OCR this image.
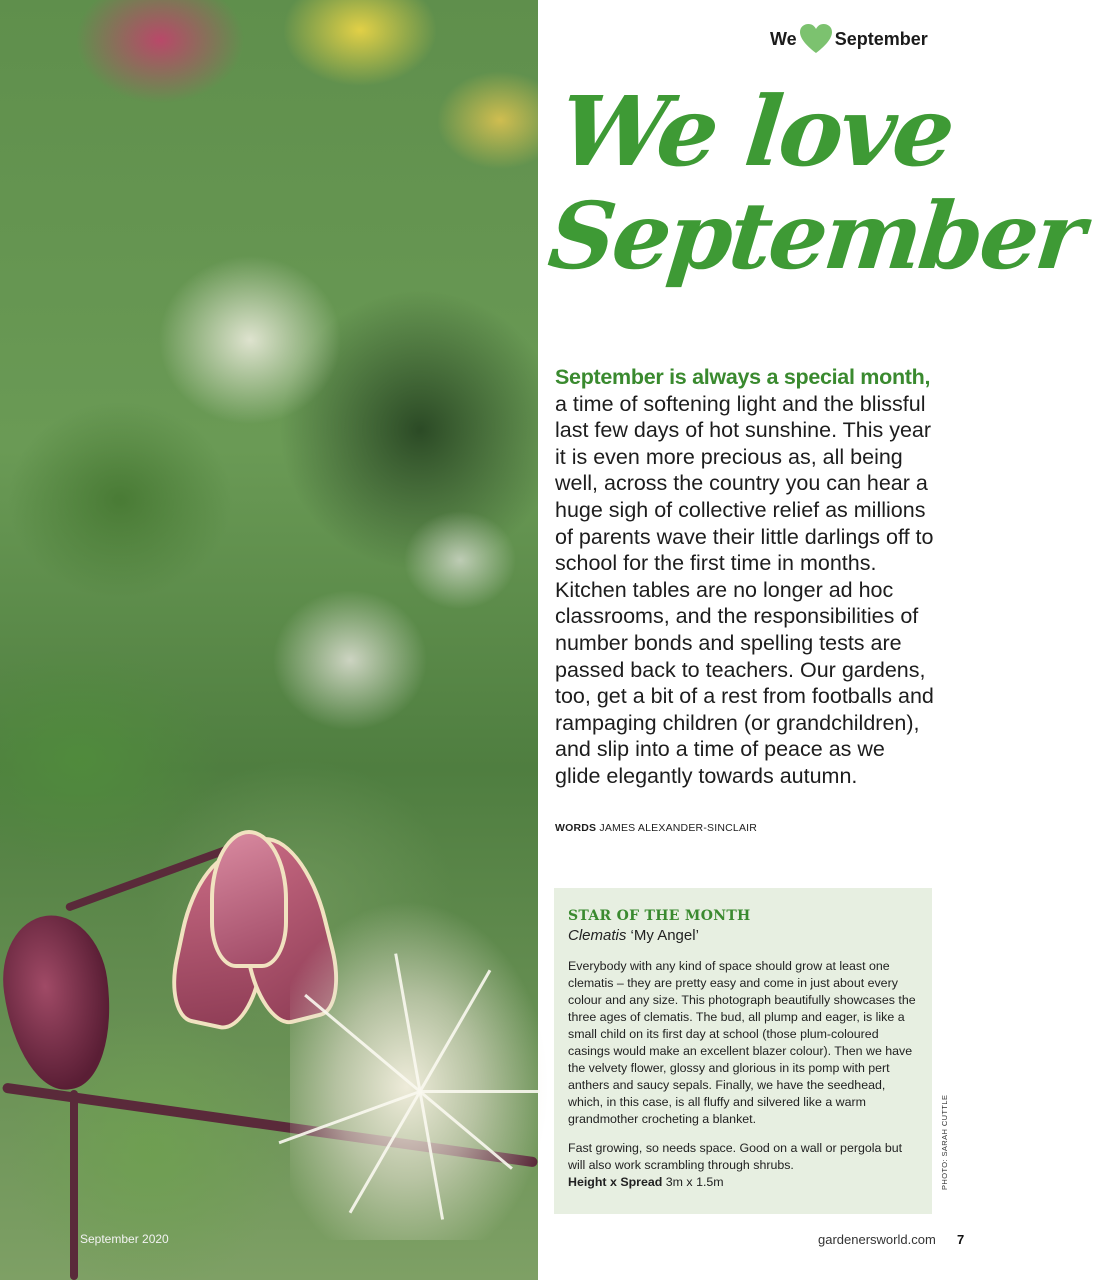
September 2020
We September
We love
September
September is always a special month, a time of softening light and the blissful last few days of hot sunshine. This year it is even more precious as, all being well, across the country you can hear a huge sigh of collective relief as millions of parents wave their little darlings off to school for the first time in months. Kitchen tables are no longer ad hoc classrooms, and the responsibilities of number bonds and spelling tests are passed back to teachers. Our gardens, too, get a bit of a rest from footballs and rampaging children (or grandchildren), and slip into a time of peace as we glide elegantly towards autumn.
WORDS JAMES ALEXANDER-SINCLAIR
STAR OF THE MONTH
Clematis ‘My Angel’
Everybody with any kind of space should grow at least one clematis – they are pretty easy and come in just about every colour and any size. This photograph beautifully showcases the three ages of clematis. The bud, all plump and eager, is like a small child on its first day at school (those plum-coloured casings would make an excellent blazer colour). Then we have the velvety flower, glossy and glorious in its pomp with pert anthers and saucy sepals. Finally, we have the seedhead, which, in this case, is all fluffy and silvered like a warm grandmother crocheting a blanket.
Fast growing, so needs space. Good on a wall or pergola but will also work scrambling through shrubs.
Height x Spread 3m x 1.5m	PHOTO: SARAH CUTTLE
gardenersworld.com 7
